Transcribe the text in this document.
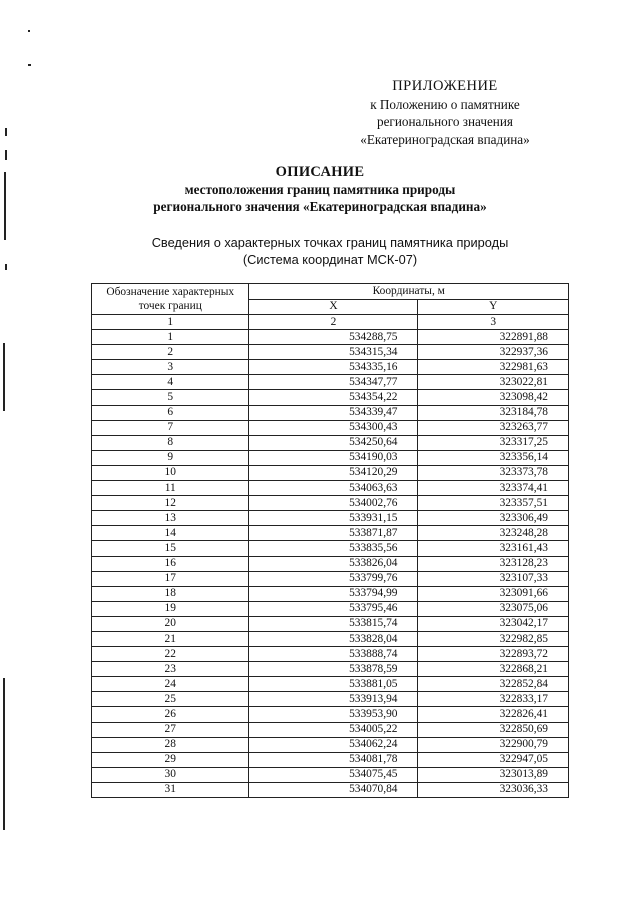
ПРИЛОЖЕНИЕ
к Положению о памятнике
регионального значения
«Екатериноградская впадина»
ОПИСАНИЕ
местоположения границ памятника природы
регионального значения «Екатериноградская впадина»
Сведения о характерных точках границ памятника природы
(Система координат МСК-07)
Обозначение характерных
точек границ	Координаты, м	
	X	Y
1	2	3
1	534288,75	322891,88
2	534315,34	322937,36
3	534335,16	322981,63
4	534347,77	323022,81
5	534354,22	323098,42
6	534339,47	323184,78
7	534300,43	323263,77
8	534250,64	323317,25
9	534190,03	323356,14
10	534120,29	323373,78
11	534063,63	323374,41
12	534002,76	323357,51
13	533931,15	323306,49
14	533871,87	323248,28
15	533835,56	323161,43
16	533826,04	323128,23
17	533799,76	323107,33
18	533794,99	323091,66
19	533795,46	323075,06
20	533815,74	323042,17
21	533828,04	322982,85
22	533888,74	322893,72
23	533878,59	322868,21
24	533881,05	322852,84
25	533913,94	322833,17
26	533953,90	322826,41
27	534005,22	322850,69
28	534062,24	322900,79
29	534081,78	322947,05
30	534075,45	323013,89
31	534070,84	323036,33
